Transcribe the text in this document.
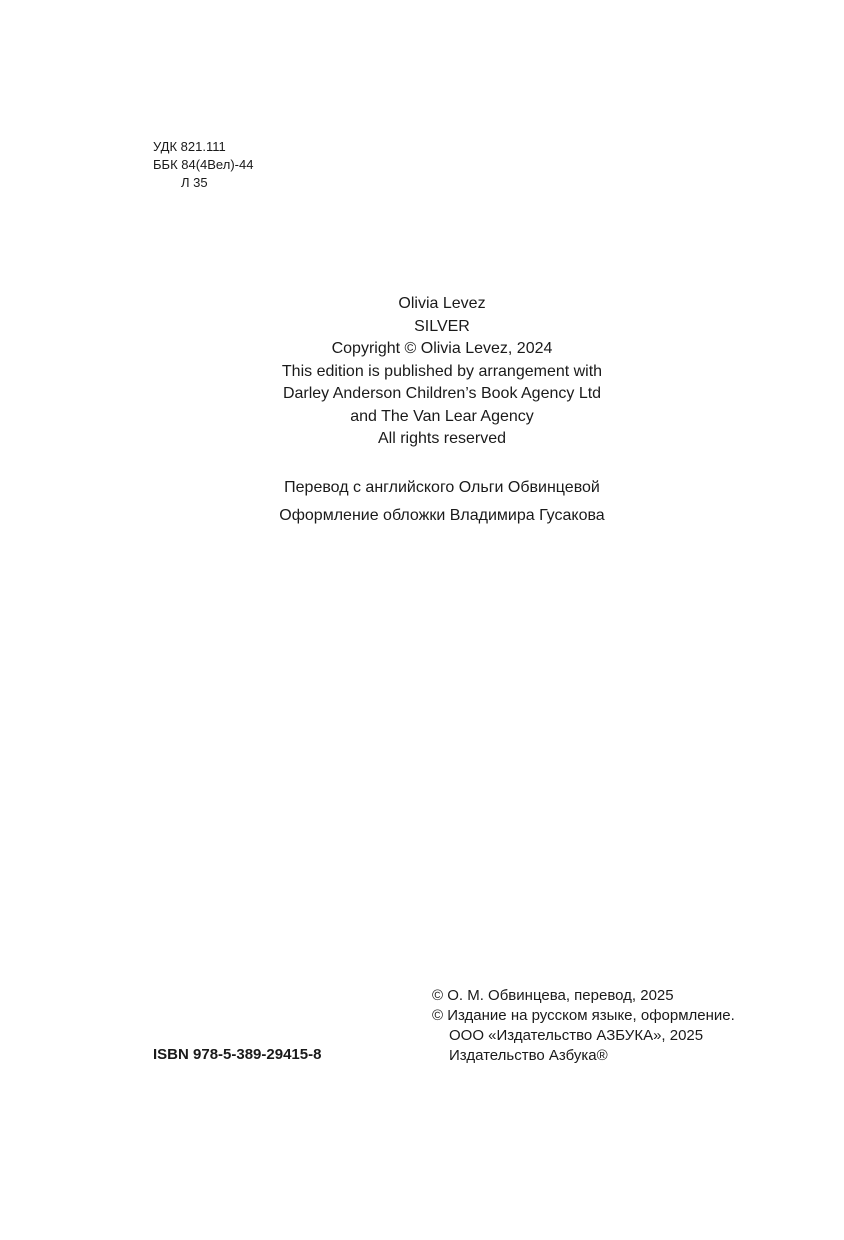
УДК 821.111
ББК 84(4Вел)-44
Л 35
Olivia Levez
SILVER
Copyright © Olivia Levez, 2024
This edition is published by arrangement with
Darley Anderson Children’s Book Agency Ltd
and The Van Lear Agency
All rights reserved
Перевод с английского Ольги Обвинцевой
Оформление обложки Владимира Гусакова
ISBN 978-5-389-29415-8
© О. М. Обвинцева, перевод, 2025
© Издание на русском языке, оформление.
ООО «Издательство АЗБУКА», 2025
Издательство Азбука®
